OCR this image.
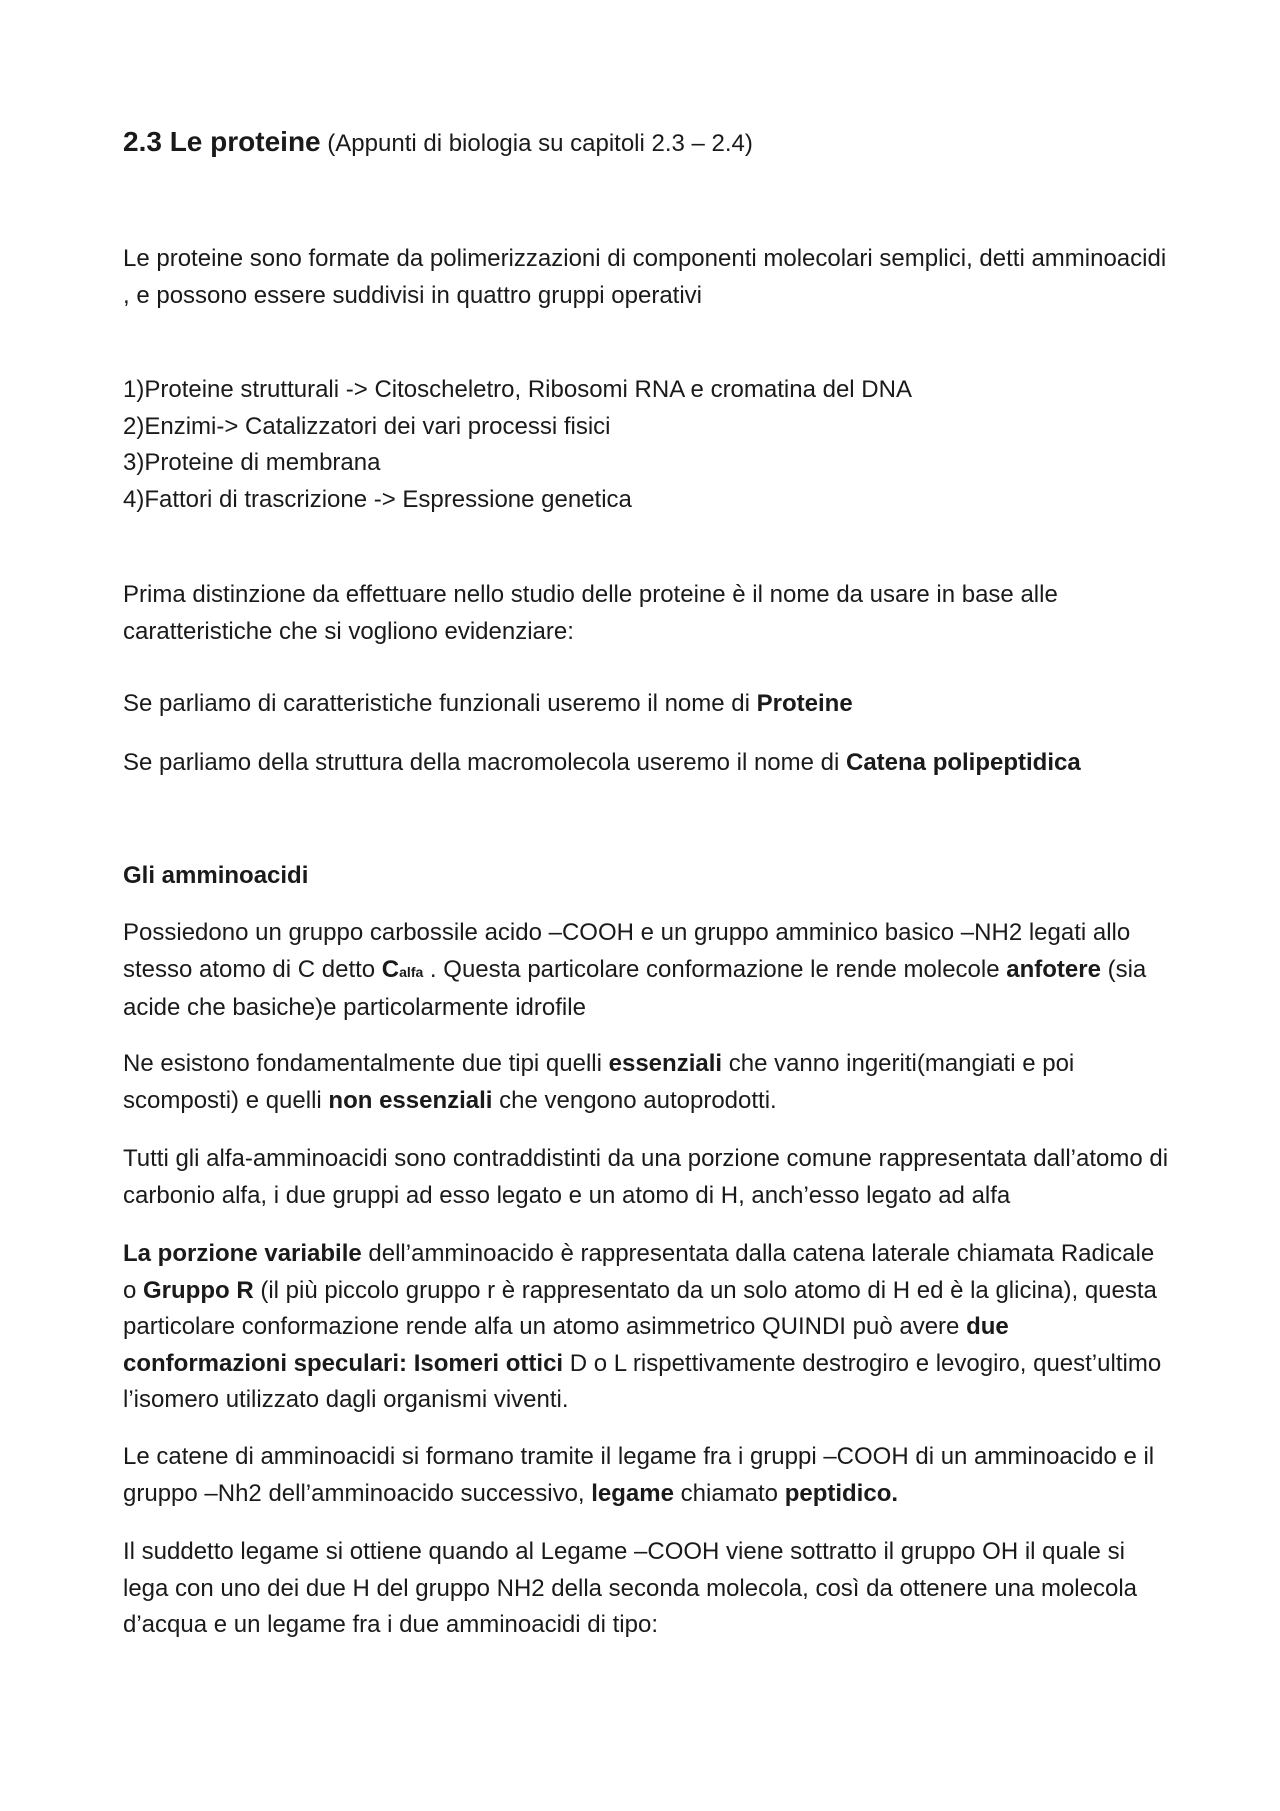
2.3 Le proteine (Appunti di biologia su capitoli 2.3 – 2.4)

Le proteine sono formate da polimerizzazioni di componenti molecolari semplici, detti amminoacidi , e possono essere suddivisi in quattro gruppi operativi

1)Proteine strutturali -> Citoscheletro, Ribosomi RNA e cromatina del DNA
2)Enzimi-> Catalizzatori dei vari processi fisici
3)Proteine di membrana
4)Fattori di trascrizione -> Espressione genetica

Prima distinzione da effettuare nello studio delle proteine è il nome da usare in base alle caratteristiche che si vogliono evidenziare:

Se parliamo di caratteristiche funzionali useremo il nome di Proteine

Se parliamo della struttura della macromolecola useremo il nome di Catena polipeptidica

Gli amminoacidi

Possiedono un gruppo carbossile acido –COOH e un gruppo amminico basico –NH2 legati allo stesso atomo di C detto Calfa . Questa particolare conformazione le rende molecole anfotere (sia acide che basiche)e particolarmente idrofile

Ne esistono fondamentalmente due tipi quelli essenziali che vanno ingeriti(mangiati e poi scomposti) e quelli non essenziali che vengono autoprodotti.

Tutti gli alfa-amminoacidi sono contraddistinti da una porzione comune rappresentata dall’atomo di carbonio alfa, i due gruppi ad esso legato e un atomo di H, anch’esso legato ad alfa

La porzione variabile dell’amminoacido è rappresentata dalla catena laterale chiamata Radicale o Gruppo R (il più piccolo gruppo r è rappresentato da un solo atomo di H ed è la glicina), questa particolare conformazione rende alfa un atomo asimmetrico QUINDI può avere due conformazioni speculari: Isomeri ottici D o L rispettivamente destrogiro e levogiro, quest’ultimo l’isomero utilizzato dagli organismi viventi.

Le catene di amminoacidi si formano tramite il legame fra i gruppi –COOH di un amminoacido e il gruppo –Nh2 dell’amminoacido successivo, legame chiamato peptidico.

Il suddetto legame si ottiene quando al Legame –COOH viene sottratto il gruppo OH il quale si lega con uno dei due H del gruppo NH2 della seconda molecola, così da ottenere una molecola d’acqua e un legame fra i due amminoacidi di tipo:
